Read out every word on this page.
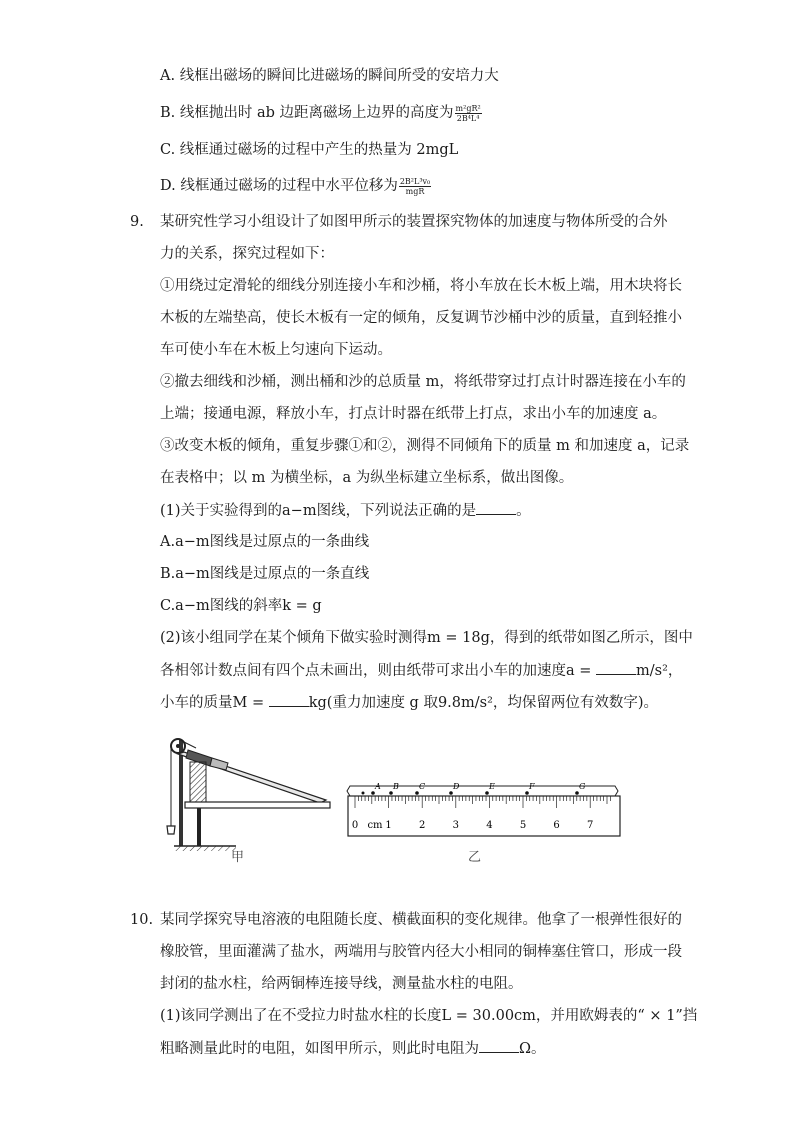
A. 线框出磁场的瞬间比进磁场的瞬间所受的安培力大
B. 线框抛出时 ab 边距离磁场上边界的高度为 $\frac{\text{m²gR²}}{\text{2B⁴L⁴}}$
C. 线框通过磁场的过程中产生的热量为 2mgL
D. 线框通过磁场的过程中水平位移为 $\frac{\text{2B²L³v₀}}{\text{mgR}}$
9. 某研究性学习小组设计了如图甲所示的装置探究物体的加速度与物体所受的合外
力的关系，探究过程如下：
①用绕过定滑轮的细线分别连接小车和沙桶，将小车放在长木板上端，用木块将长
木板的左端垫高，使长木板有一定的倾角，反复调节沙桶中沙的质量，直到轻推小
车可使小车在木板上匀速向下运动。
②撤去细线和沙桶，测出桶和沙的总质量 m，将纸带穿过打点计时器连接在小车的
上端；接通电源，释放小车，打点计时器在纸带上打点，求出小车的加速度 a。
③改变木板的倾角，重复步骤①和②，测得不同倾角下的质量 m 和加速度 a，记录
在表格中；以 m 为横坐标，a 为纵坐标建立坐标系，做出图像。
(1)关于实验得到的a−m图线，下列说法正确的是	。
A.a−m图线是过原点的一条曲线
B.a−m图线是过原点的一条直线
C.a−m图线的斜率k = g
(2)该小组同学在某个倾角下做实验时测得m = 18g，得到的纸带如图乙所示，图中
各相邻计数点间有四个点未画出，则由纸带可求出小车的加速度a =	m/s²，
小车的质量M =	kg(重力加速度 g 取9.8m/s²，均保留两位有效数字)。
甲
A B	C	D	E	F	G
0 cm 1	2	3	4	5	6	7
乙
10. 某同学探究导电溶液的电阻随长度、横截面积的变化规律。他拿了一根弹性很好的
橡胶管，里面灌满了盐水，两端用与胶管内径大小相同的铜棒塞住管口，形成一段
封闭的盐水柱，给两铜棒连接导线，测量盐水柱的电阻。
(1)该同学测出了在不受拉力时盐水柱的长度L = 30.00cm，并用欧姆表的“ × 1”挡
粗略测量此时的电阻，如图甲所示，则此时电阻为	Ω。
